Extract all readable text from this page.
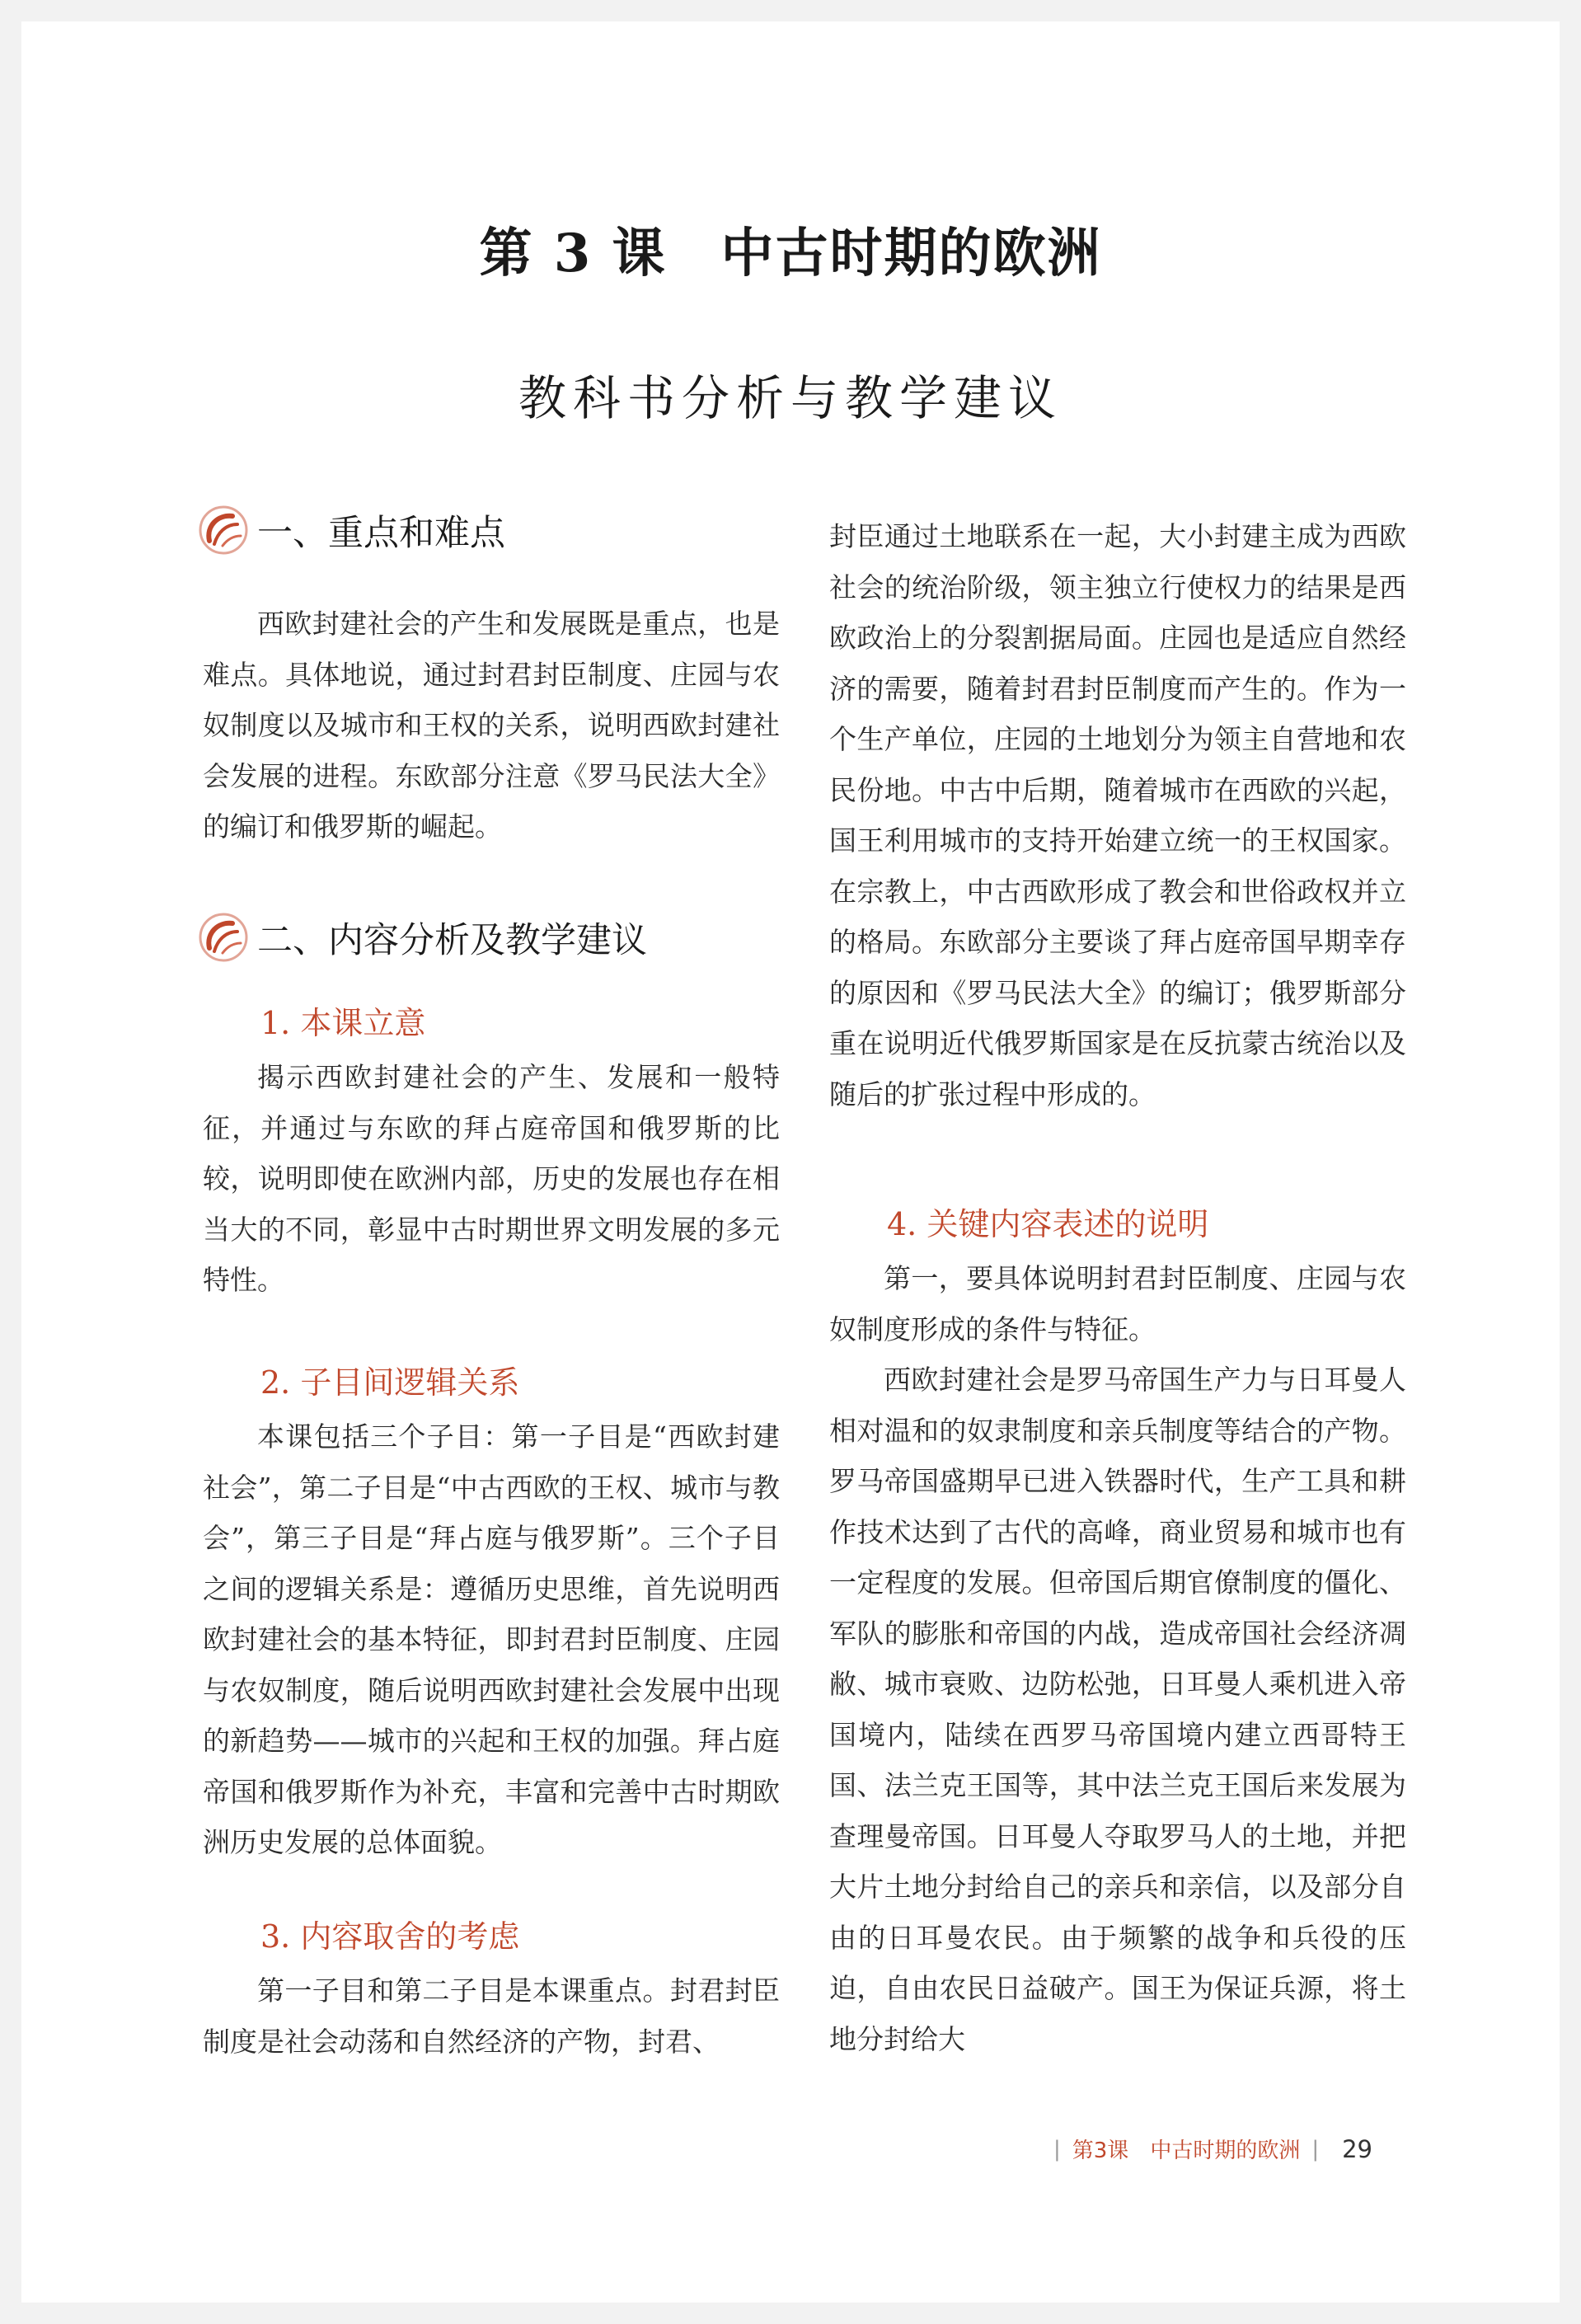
第 3 课　中古时期的欧洲
教科书分析与教学建议
一、重点和难点

西欧封建社会的产生和发展既是重点，也是难点。具体地说，通过封君封臣制度、庄园与农奴制度以及城市和王权的关系，说明西欧封建社会发展的进程。东欧部分注意《罗马民法大全》的编订和俄罗斯的崛起。

二、内容分析及教学建议
1. 本课立意

揭示西欧封建社会的产生、发展和一般特征，并通过与东欧的拜占庭帝国和俄罗斯的比较，说明即使在欧洲内部，历史的发展也存在相当大的不同，彰显中古时期世界文明发展的多元特性。

2. 子目间逻辑关系

本课包括三个子目：第一子目是“西欧封建社会”，第二子目是“中古西欧的王权、城市与教会”，第三子目是“拜占庭与俄罗斯”。三个子目之间的逻辑关系是：遵循历史思维，首先说明西欧封建社会的基本特征，即封君封臣制度、庄园与农奴制度，随后说明西欧封建社会发展中出现的新趋势——城市的兴起和王权的加强。拜占庭帝国和俄罗斯作为补充，丰富和完善中古时期欧洲历史发展的总体面貌。

3. 内容取舍的考虑

第一子目和第二子目是本课重点。封君封臣制度是社会动荡和自然经济的产物，封君、

封臣通过土地联系在一起，大小封建主成为西欧社会的统治阶级，领主独立行使权力的结果是西欧政治上的分裂割据局面。庄园也是适应自然经济的需要，随着封君封臣制度而产生的。作为一个生产单位，庄园的土地划分为领主自营地和农民份地。中古中后期，随着城市在西欧的兴起，国王利用城市的支持开始建立统一的王权国家。在宗教上，中古西欧形成了教会和世俗政权并立的格局。东欧部分主要谈了拜占庭帝国早期幸存的原因和《罗马民法大全》的编订；俄罗斯部分重在说明近代俄罗斯国家是在反抗蒙古统治以及随后的扩张过程中形成的。

4. 关键内容表述的说明

第一，要具体说明封君封臣制度、庄园与农奴制度形成的条件与特征。

西欧封建社会是罗马帝国生产力与日耳曼人相对温和的奴隶制度和亲兵制度等结合的产物。罗马帝国盛期早已进入铁器时代，生产工具和耕作技术达到了古代的高峰，商业贸易和城市也有一定程度的发展。但帝国后期官僚制度的僵化、军队的膨胀和帝国的内战，造成帝国社会经济凋敝、城市衰败、边防松弛，日耳曼人乘机进入帝国境内，陆续在西罗马帝国境内建立西哥特王国、法兰克王国等，其中法兰克王国后来发展为查理曼帝国。日耳曼人夺取罗马人的土地，并把大片土地分封给自己的亲兵和亲信，以及部分自由的日耳曼农民。由于频繁的战争和兵役的压迫，自由农民日益破产。国王为保证兵源，将土地分封给大

| 第3课 中古时期的欧洲 | 29
